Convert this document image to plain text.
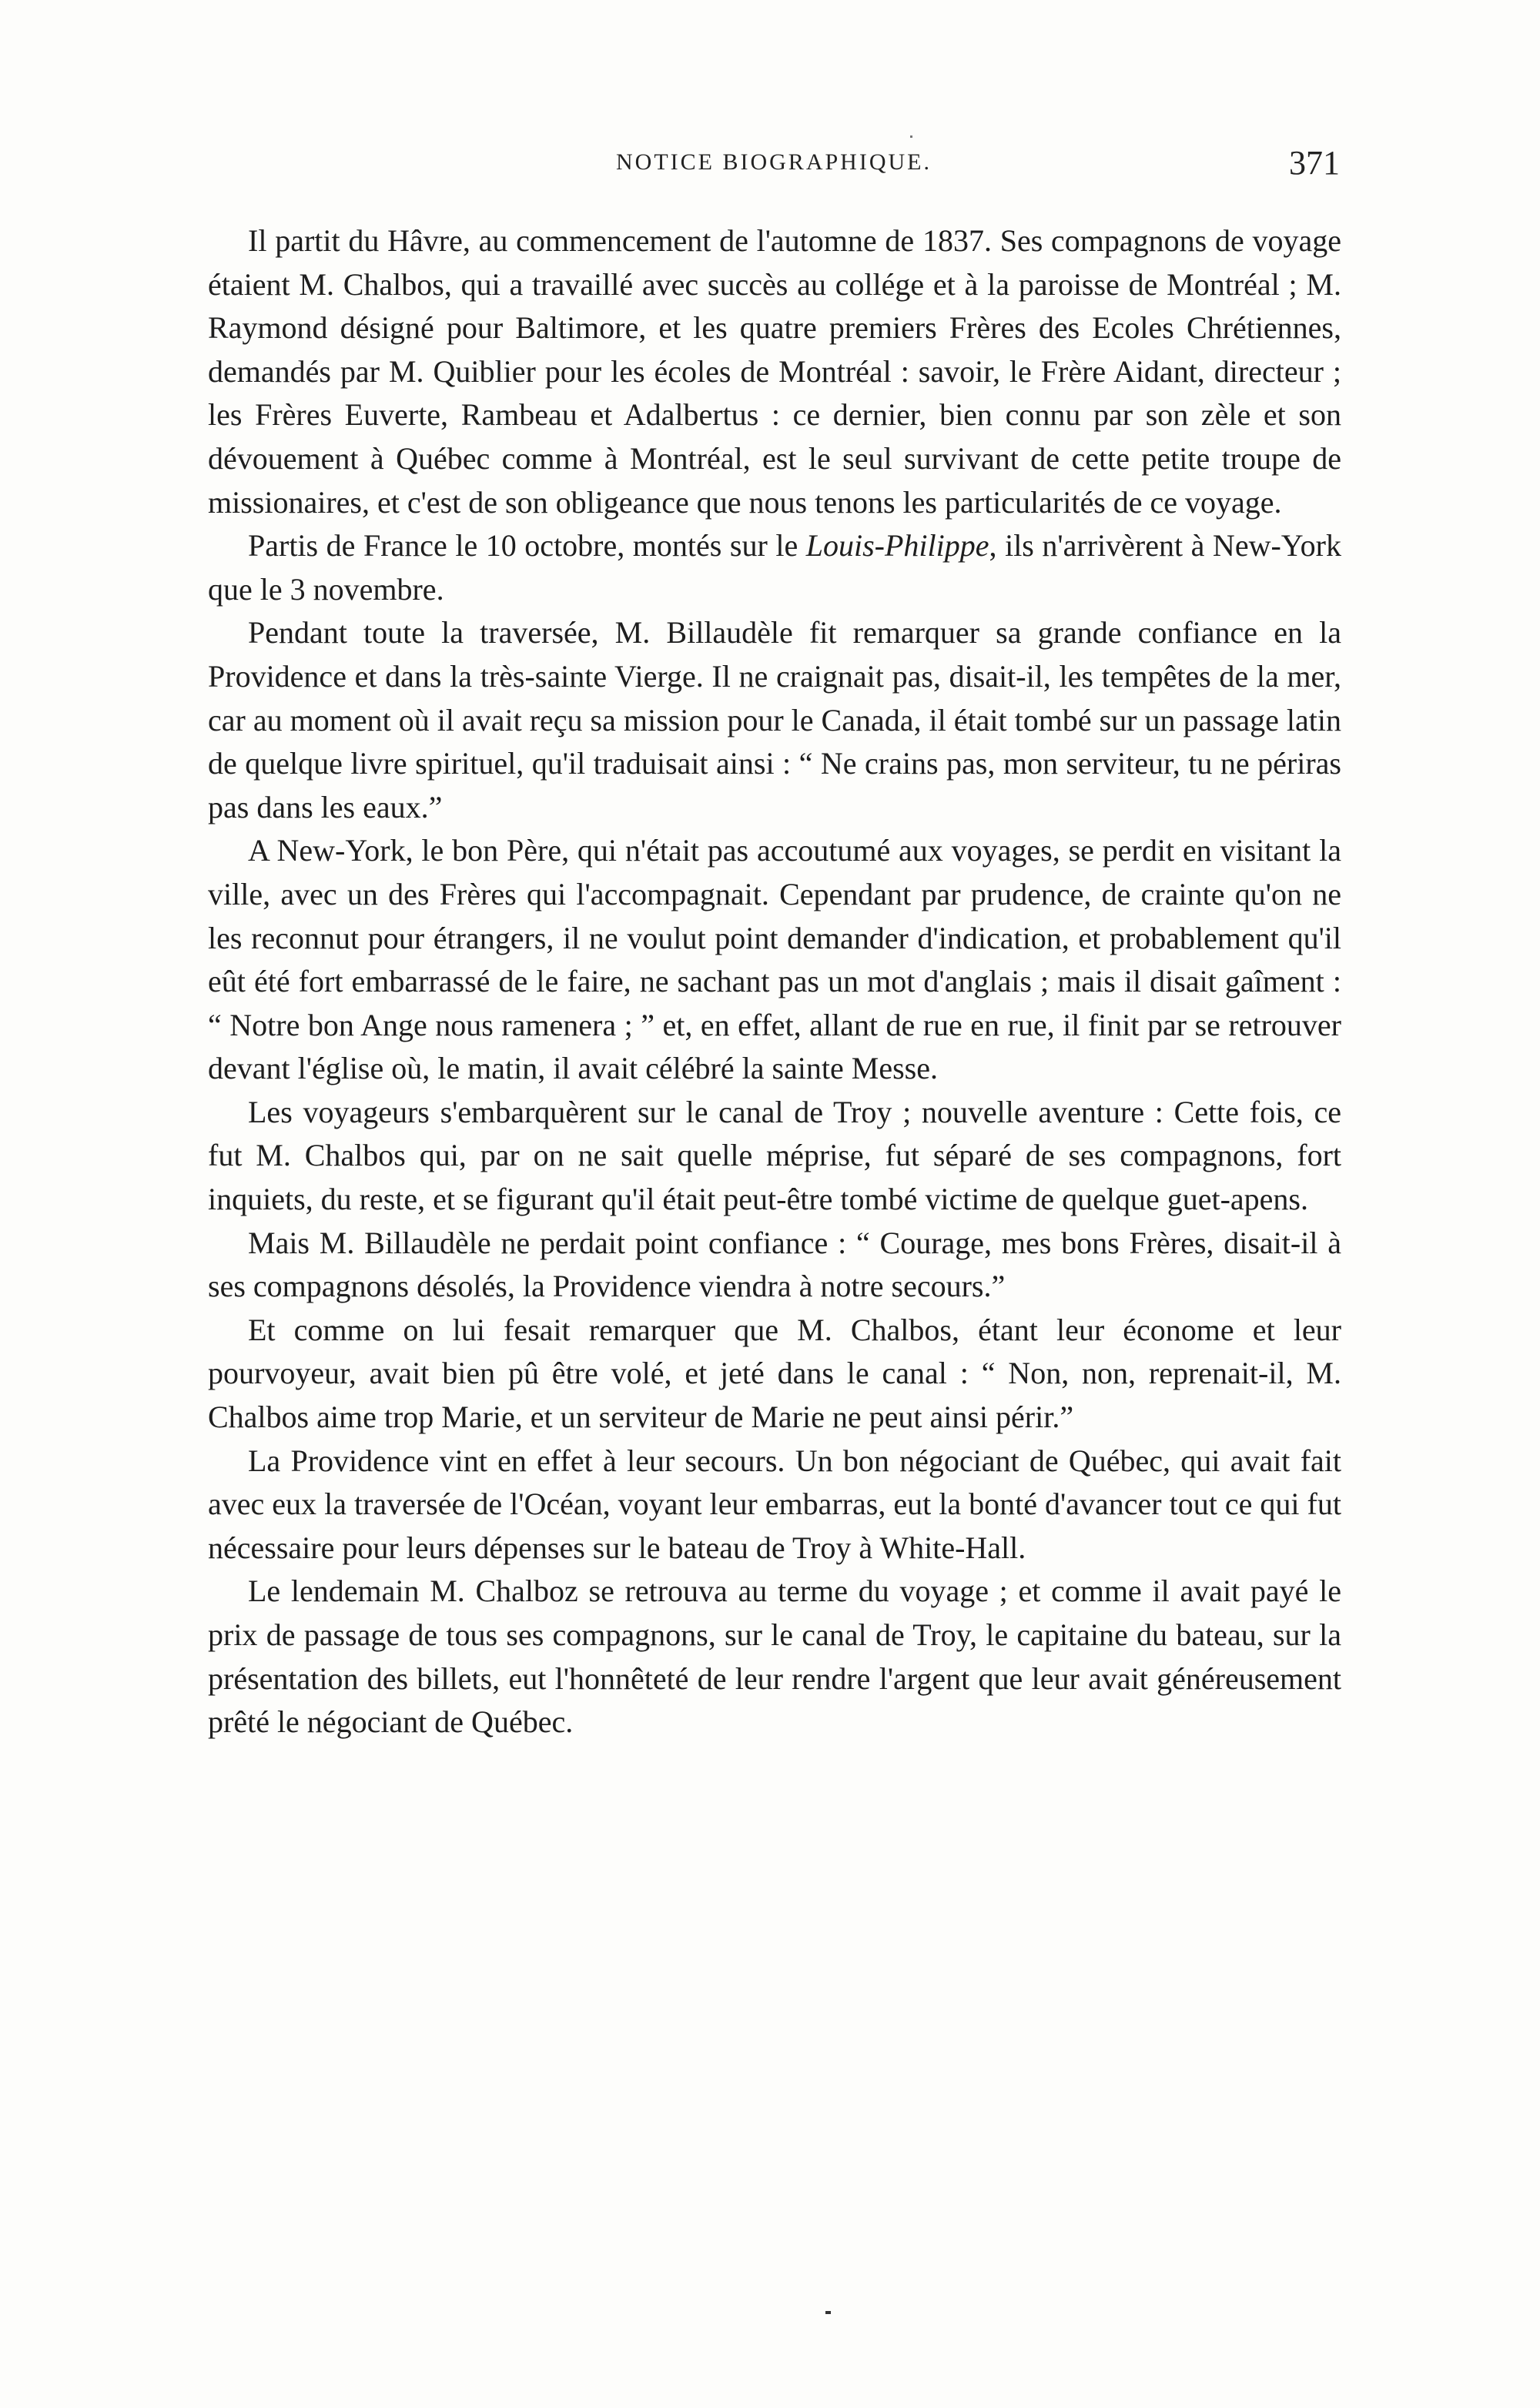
NOTICE BIOGRAPHIQUE.	371

Il partit du Hâvre, au commencement de l'automne de 1837. Ses compagnons de voyage étaient M. Chalbos, qui a travaillé avec succès au collége et à la paroisse de Montréal ; M. Raymond désigné pour Baltimore, et les quatre premiers Frères des Ecoles Chrétiennes, demandés par M. Quiblier pour les écoles de Montréal : savoir, le Frère Aidant, directeur ; les Frères Euverte, Rambeau et Adalbertus : ce dernier, bien connu par son zèle et son dévouement à Québec comme à Montréal, est le seul survivant de cette petite troupe de missionaires, et c'est de son obligeance que nous tenons les particularités de ce voyage.

Partis de France le 10 octobre, montés sur le Louis-Philippe, ils n'arrivèrent à New-York que le 3 novembre.

Pendant toute la traversée, M. Billaudèle fit remarquer sa grande confiance en la Providence et dans la très-sainte Vierge. Il ne craignait pas, disait-il, les tempêtes de la mer, car au moment où il avait reçu sa mission pour le Canada, il était tombé sur un passage latin de quelque livre spirituel, qu'il traduisait ainsi : “ Ne crains pas, mon serviteur, tu ne périras pas dans les eaux.”

A New-York, le bon Père, qui n'était pas accoutumé aux voyages, se perdit en visitant la ville, avec un des Frères qui l'accompagnait. Cependant par prudence, de crainte qu'on ne les reconnut pour étrangers, il ne voulut point demander d'indication, et probablement qu'il eût été fort embarrassé de le faire, ne sachant pas un mot d'anglais ; mais il disait gaîment : “ Notre bon Ange nous ramenera ; ” et, en effet, allant de rue en rue, il finit par se retrouver devant l'église où, le matin, il avait célébré la sainte Messe.

Les voyageurs s'embarquèrent sur le canal de Troy ; nouvelle aventure : Cette fois, ce fut M. Chalbos qui, par on ne sait quelle méprise, fut séparé de ses compagnons, fort inquiets, du reste, et se figurant qu'il était peut-être tombé victime de quelque guet-apens.

Mais M. Billaudèle ne perdait point confiance : “ Courage, mes bons Frères, disait-il à ses compagnons désolés, la Providence viendra à notre secours.”

Et comme on lui fesait remarquer que M. Chalbos, étant leur économe et leur pourvoyeur, avait bien pû être volé, et jeté dans le canal : “ Non, non, reprenait-il, M. Chalbos aime trop Marie, et un serviteur de Marie ne peut ainsi périr.”

La Providence vint en effet à leur secours. Un bon négociant de Québec, qui avait fait avec eux la traversée de l'Océan, voyant leur embarras, eut la bonté d'avancer tout ce qui fut nécessaire pour leurs dépenses sur le bateau de Troy à White-Hall.

Le lendemain M. Chalboz se retrouva au terme du voyage ; et comme il avait payé le prix de passage de tous ses compagnons, sur le canal de Troy, le capitaine du bateau, sur la présentation des billets, eut l'honnêteté de leur rendre l'argent que leur avait généreusement prêté le négociant de Québec.
